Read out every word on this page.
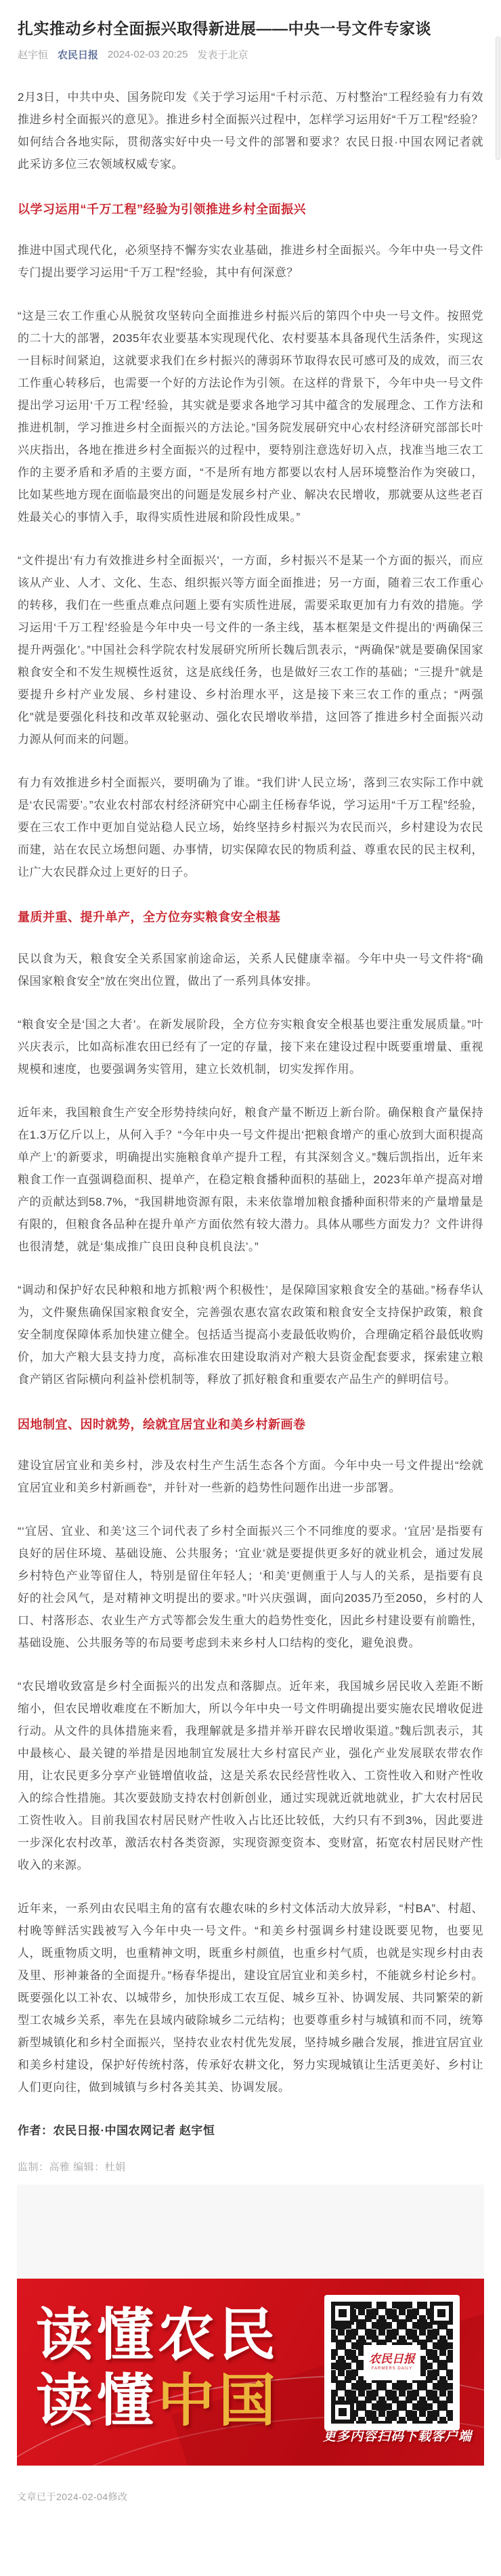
扎实推动乡村全面振兴取得新进展——中央一号文件专家谈
赵宇恒 农民日报 2024-02-03 20:25 发表于北京

2月3日，中共中央、国务院印发《关于学习运用“千村示范、万村整治”工程经验有力有效推进乡村全面振兴的意见》。推进乡村全面振兴过程中，怎样学习运用好“千万工程”经验？如何结合各地实际，贯彻落实好中央一号文件的部署和要求？农民日报·中国农网记者就此采访多位三农领域权威专家。

以学习运用“千万工程”经验为引领推进乡村全面振兴

推进中国式现代化，必须坚持不懈夯实农业基础，推进乡村全面振兴。今年中央一号文件专门提出要学习运用“千万工程”经验，其中有何深意？

“这是三农工作重心从脱贫攻坚转向全面推进乡村振兴后的第四个中央一号文件。按照党的二十大的部署，2035年农业要基本实现现代化、农村要基本具备现代生活条件，实现这一目标时间紧迫，这就要求我们在乡村振兴的薄弱环节取得农民可感可及的成效，而三农工作重心转移后，也需要一个好的方法论作为引领。在这样的背景下，今年中央一号文件提出学习运用‘千万工程’经验，其实就是要求各地学习其中蕴含的发展理念、工作方法和推进机制，学习推进乡村全面振兴的方法论。”国务院发展研究中心农村经济研究部部长叶兴庆指出，各地在推进乡村全面振兴的过程中，要特别注意选好切入点，找准当地三农工作的主要矛盾和矛盾的主要方面，“不是所有地方都要以农村人居环境整治作为突破口，比如某些地方现在面临最突出的问题是发展乡村产业、解决农民增收，那就要从这些老百姓最关心的事情入手，取得实质性进展和阶段性成果。”

“文件提出‘有力有效推进乡村全面振兴’，一方面，乡村振兴不是某一个方面的振兴，而应该从产业、人才、文化、生态、组织振兴等方面全面推进；另一方面，随着三农工作重心的转移，我们在一些重点难点问题上要有实质性进展，需要采取更加有力有效的措施。学习运用‘千万工程’经验是今年中央一号文件的一条主线，基本框架是文件提出的‘两确保三提升两强化’。”中国社会科学院农村发展研究所所长魏后凯表示，“两确保”就是要确保国家粮食安全和不发生规模性返贫，这是底线任务，也是做好三农工作的基础；“三提升”就是要提升乡村产业发展、乡村建设、乡村治理水平，这是接下来三农工作的重点；“两强化”就是要强化科技和改革双轮驱动、强化农民增收举措，这回答了推进乡村全面振兴动力源从何而来的问题。

有力有效推进乡村全面振兴，要明确为了谁。“我们讲‘人民立场’，落到三农实际工作中就是‘农民需要’。”农业农村部农村经济研究中心副主任杨春华说，学习运用“千万工程”经验，要在三农工作中更加自觉站稳人民立场，始终坚持乡村振兴为农民而兴，乡村建设为农民而建，站在农民立场想问题、办事情，切实保障农民的物质利益、尊重农民的民主权利，让广大农民群众过上更好的日子。

量质并重、提升单产，全方位夯实粮食安全根基

民以食为天，粮食安全关系国家前途命运，关系人民健康幸福。今年中央一号文件将“确保国家粮食安全”放在突出位置，做出了一系列具体安排。

“粮食安全是‘国之大者’。在新发展阶段，全方位夯实粮食安全根基也要注重发展质量。”叶兴庆表示，比如高标准农田已经有了一定的存量，接下来在建设过程中既要重增量、重视规模和速度，也要强调务实管用，建立长效机制，切实发挥作用。

近年来，我国粮食生产安全形势持续向好，粮食产量不断迈上新台阶。确保粮食产量保持在1.3万亿斤以上，从何入手？“今年中央一号文件提出‘把粮食增产的重心放到大面积提高单产上’的新要求，明确提出实施粮食单产提升工程，有其深刻含义。”魏后凯指出，近年来粮食工作一直强调稳面积、提单产，在稳定粮食播种面积的基础上，2023年单产提高对增产的贡献达到58.7%，“我国耕地资源有限，未来依靠增加粮食播种面积带来的产量增量是有限的，但粮食各品种在提升单产方面依然有较大潜力。具体从哪些方面发力？文件讲得也很清楚，就是‘集成推广良田良种良机良法’。”

“调动和保护好农民种粮和地方抓粮‘两个积极性’，是保障国家粮食安全的基础。”杨春华认为，文件聚焦确保国家粮食安全，完善强农惠农富农政策和粮食安全支持保护政策，粮食安全制度保障体系加快建立健全。包括适当提高小麦最低收购价，合理确定稻谷最低收购价，加大产粮大县支持力度，高标准农田建设取消对产粮大县资金配套要求，探索建立粮食产销区省际横向利益补偿机制等，释放了抓好粮食和重要农产品生产的鲜明信号。

因地制宜、因时就势，绘就宜居宜业和美乡村新画卷

建设宜居宜业和美乡村，涉及农村生产生活生态各个方面。今年中央一号文件提出“绘就宜居宜业和美乡村新画卷”，并针对一些新的趋势性问题作出进一步部署。

“‘宜居、宜业、和美’这三个词代表了乡村全面振兴三个不同维度的要求。‘宜居’是指要有良好的居住环境、基础设施、公共服务；‘宜业’就是要提供更多好的就业机会，通过发展乡村特色产业等留住人，特别是留住年轻人；‘和美’更侧重于人与人的关系，是指要有良好的社会风气，是对精神文明提出的要求。”叶兴庆强调，面向2035乃至2050，乡村的人口、村落形态、农业生产方式等都会发生重大的趋势性变化，因此乡村建设要有前瞻性，基础设施、公共服务等的布局要考虑到未来乡村人口结构的变化，避免浪费。

“农民增收致富是乡村全面振兴的出发点和落脚点。近年来，我国城乡居民收入差距不断缩小，但农民增收难度在不断加大，所以今年中央一号文件明确提出要实施农民增收促进行动。从文件的具体措施来看，我理解就是多措并举开辟农民增收渠道。”魏后凯表示，其中最核心、最关键的举措是因地制宜发展壮大乡村富民产业，强化产业发展联农带农作用，让农民更多分享产业链增值收益，这是关系农民经营性收入、工资性收入和财产性收入的综合性措施。其次要鼓励支持农村创新创业，通过实现就近就地就业，扩大农村居民工资性收入。目前我国农村居民财产性收入占比还比较低，大约只有不到3%，因此要进一步深化农村改革，激活农村各类资源，实现资源变资本、变财富，拓宽农村居民财产性收入的来源。

近年来，一系列由农民唱主角的富有农趣农味的乡村文体活动大放异彩，“村BA”、村超、村晚等鲜活实践被写入今年中央一号文件。“和美乡村强调乡村建设既要见物，也要见人，既重物质文明，也重精神文明，既重乡村颜值，也重乡村气质，也就是实现乡村由表及里、形神兼备的全面提升。”杨春华提出，建设宜居宜业和美乡村，不能就乡村论乡村。既要强化以工补农、以城带乡，加快形成工农互促、城乡互补、协调发展、共同繁荣的新型工农城乡关系，率先在县域内破除城乡二元结构；也要尊重乡村与城镇和而不同，统筹新型城镇化和乡村全面振兴，坚持农业农村优先发展，坚持城乡融合发展，推进宜居宜业和美乡村建设，保护好传统村落，传承好农耕文化，努力实现城镇让生活更美好、乡村让人们更向往，做到城镇与乡村各美其美、协调发展。

作者：农民日报·中国农网记者 赵宇恒

监制：高雅 编辑：杜娟

读懂农民
读懂中国
农民日报
FARMERS DAILY
更多内容扫码下载客户端
文章已于2024-02-04修改
